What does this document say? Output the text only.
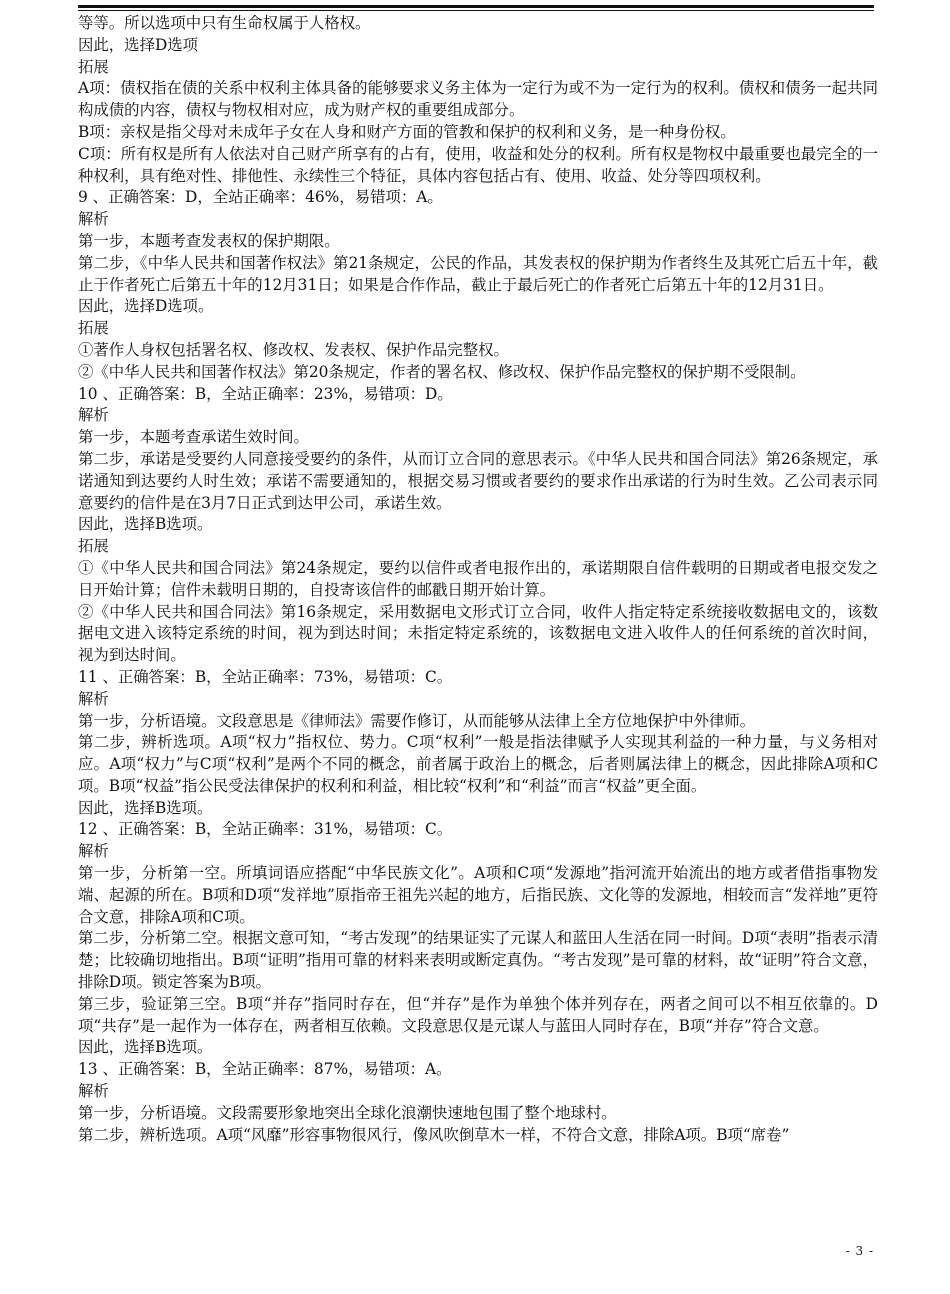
等等。所以选项中只有生命权属于人格权。

因此，选择D选项

拓展

A项：债权指在债的关系中权利主体具备的能够要求义务主体为一定行为或不为一定行为的权利。债权和债务一起共同构成债的内容，债权与物权相对应，成为财产权的重要组成部分。

B项：亲权是指父母对未成年子女在人身和财产方面的管教和保护的权利和义务，是一种身份权。

C项：所有权是所有人依法对自己财产所享有的占有，使用，收益和处分的权利。所有权是物权中最重要也最完全的一种权利，具有绝对性、排他性、永续性三个特征，具体内容包括占有、使用、收益、处分等四项权利。

9 、正确答案：D，全站正确率：46%，易错项：A。

解析

第一步，本题考查发表权的保护期限。

第二步，《中华人民共和国著作权法》第21条规定，公民的作品，其发表权的保护期为作者终生及其死亡后五十年，截止于作者死亡后第五十年的12月31日；如果是合作作品，截止于最后死亡的作者死亡后第五十年的12月31日。

因此，选择D选项。

拓展

①著作人身权包括署名权、修改权、发表权、保护作品完整权。

②《中华人民共和国著作权法》第20条规定，作者的署名权、修改权、保护作品完整权的保护期不受限制。

10 、正确答案：B，全站正确率：23%，易错项：D。

解析

第一步，本题考查承诺生效时间。

第二步，承诺是受要约人同意接受要约的条件，从而订立合同的意思表示。《中华人民共和国合同法》第26条规定，承诺通知到达要约人时生效；承诺不需要通知的，根据交易习惯或者要约的要求作出承诺的行为时生效。乙公司表示同意要约的信件是在3月7日正式到达甲公司，承诺生效。

因此，选择B选项。

拓展

①《中华人民共和国合同法》第24条规定，要约以信件或者电报作出的，承诺期限自信件载明的日期或者电报交发之日开始计算；信件未载明日期的，自投寄该信件的邮戳日期开始计算。

②《中华人民共和国合同法》第16条规定，采用数据电文形式订立合同，收件人指定特定系统接收数据电文的，该数据电文进入该特定系统的时间，视为到达时间；未指定特定系统的，该数据电文进入收件人的任何系统的首次时间，视为到达时间。

11 、正确答案：B，全站正确率：73%，易错项：C。

解析

第一步，分析语境。文段意思是《律师法》需要作修订，从而能够从法律上全方位地保护中外律师。

第二步，辨析选项。A项“权力”指权位、势力。C项“权利”一般是指法律赋予人实现其利益的一种力量，与义务相对应。A项“权力”与C项“权利”是两个不同的概念，前者属于政治上的概念，后者则属法律上的概念，因此排除A项和C项。B项“权益”指公民受法律保护的权利和利益，相比较“权利”和“利益”而言“权益”更全面。

因此，选择B选项。

12 、正确答案：B，全站正确率：31%，易错项：C。

解析

第一步，分析第一空。所填词语应搭配“中华民族文化”。A项和C项“发源地”指河流开始流出的地方或者借指事物发端、起源的所在。B项和D项“发祥地”原指帝王祖先兴起的地方，后指民族、文化等的发源地，相较而言“发祥地”更符合文意，排除A项和C项。

第二步，分析第二空。根据文意可知，“考古发现”的结果证实了元谋人和蓝田人生活在同一时间。D项“表明”指表示清楚；比较确切地指出。B项“证明”指用可靠的材料来表明或断定真伪。“考古发现”是可靠的材料，故“证明”符合文意，排除D项。锁定答案为B项。

第三步，验证第三空。B项“并存”指同时存在，但“并存”是作为单独个体并列存在，两者之间可以不相互依靠的。D项“共存”是一起作为一体存在，两者相互依赖。文段意思仅是元谋人与蓝田人同时存在，B项“并存”符合文意。

因此，选择B选项。

13 、正确答案：B，全站正确率：87%，易错项：A。

解析

第一步，分析语境。文段需要形象地突出全球化浪潮快速地包围了整个地球村。

第二步，辨析选项。A项“风靡”形容事物很风行，像风吹倒草木一样，不符合文意，排除A项。B项“席卷”

- 3 -
